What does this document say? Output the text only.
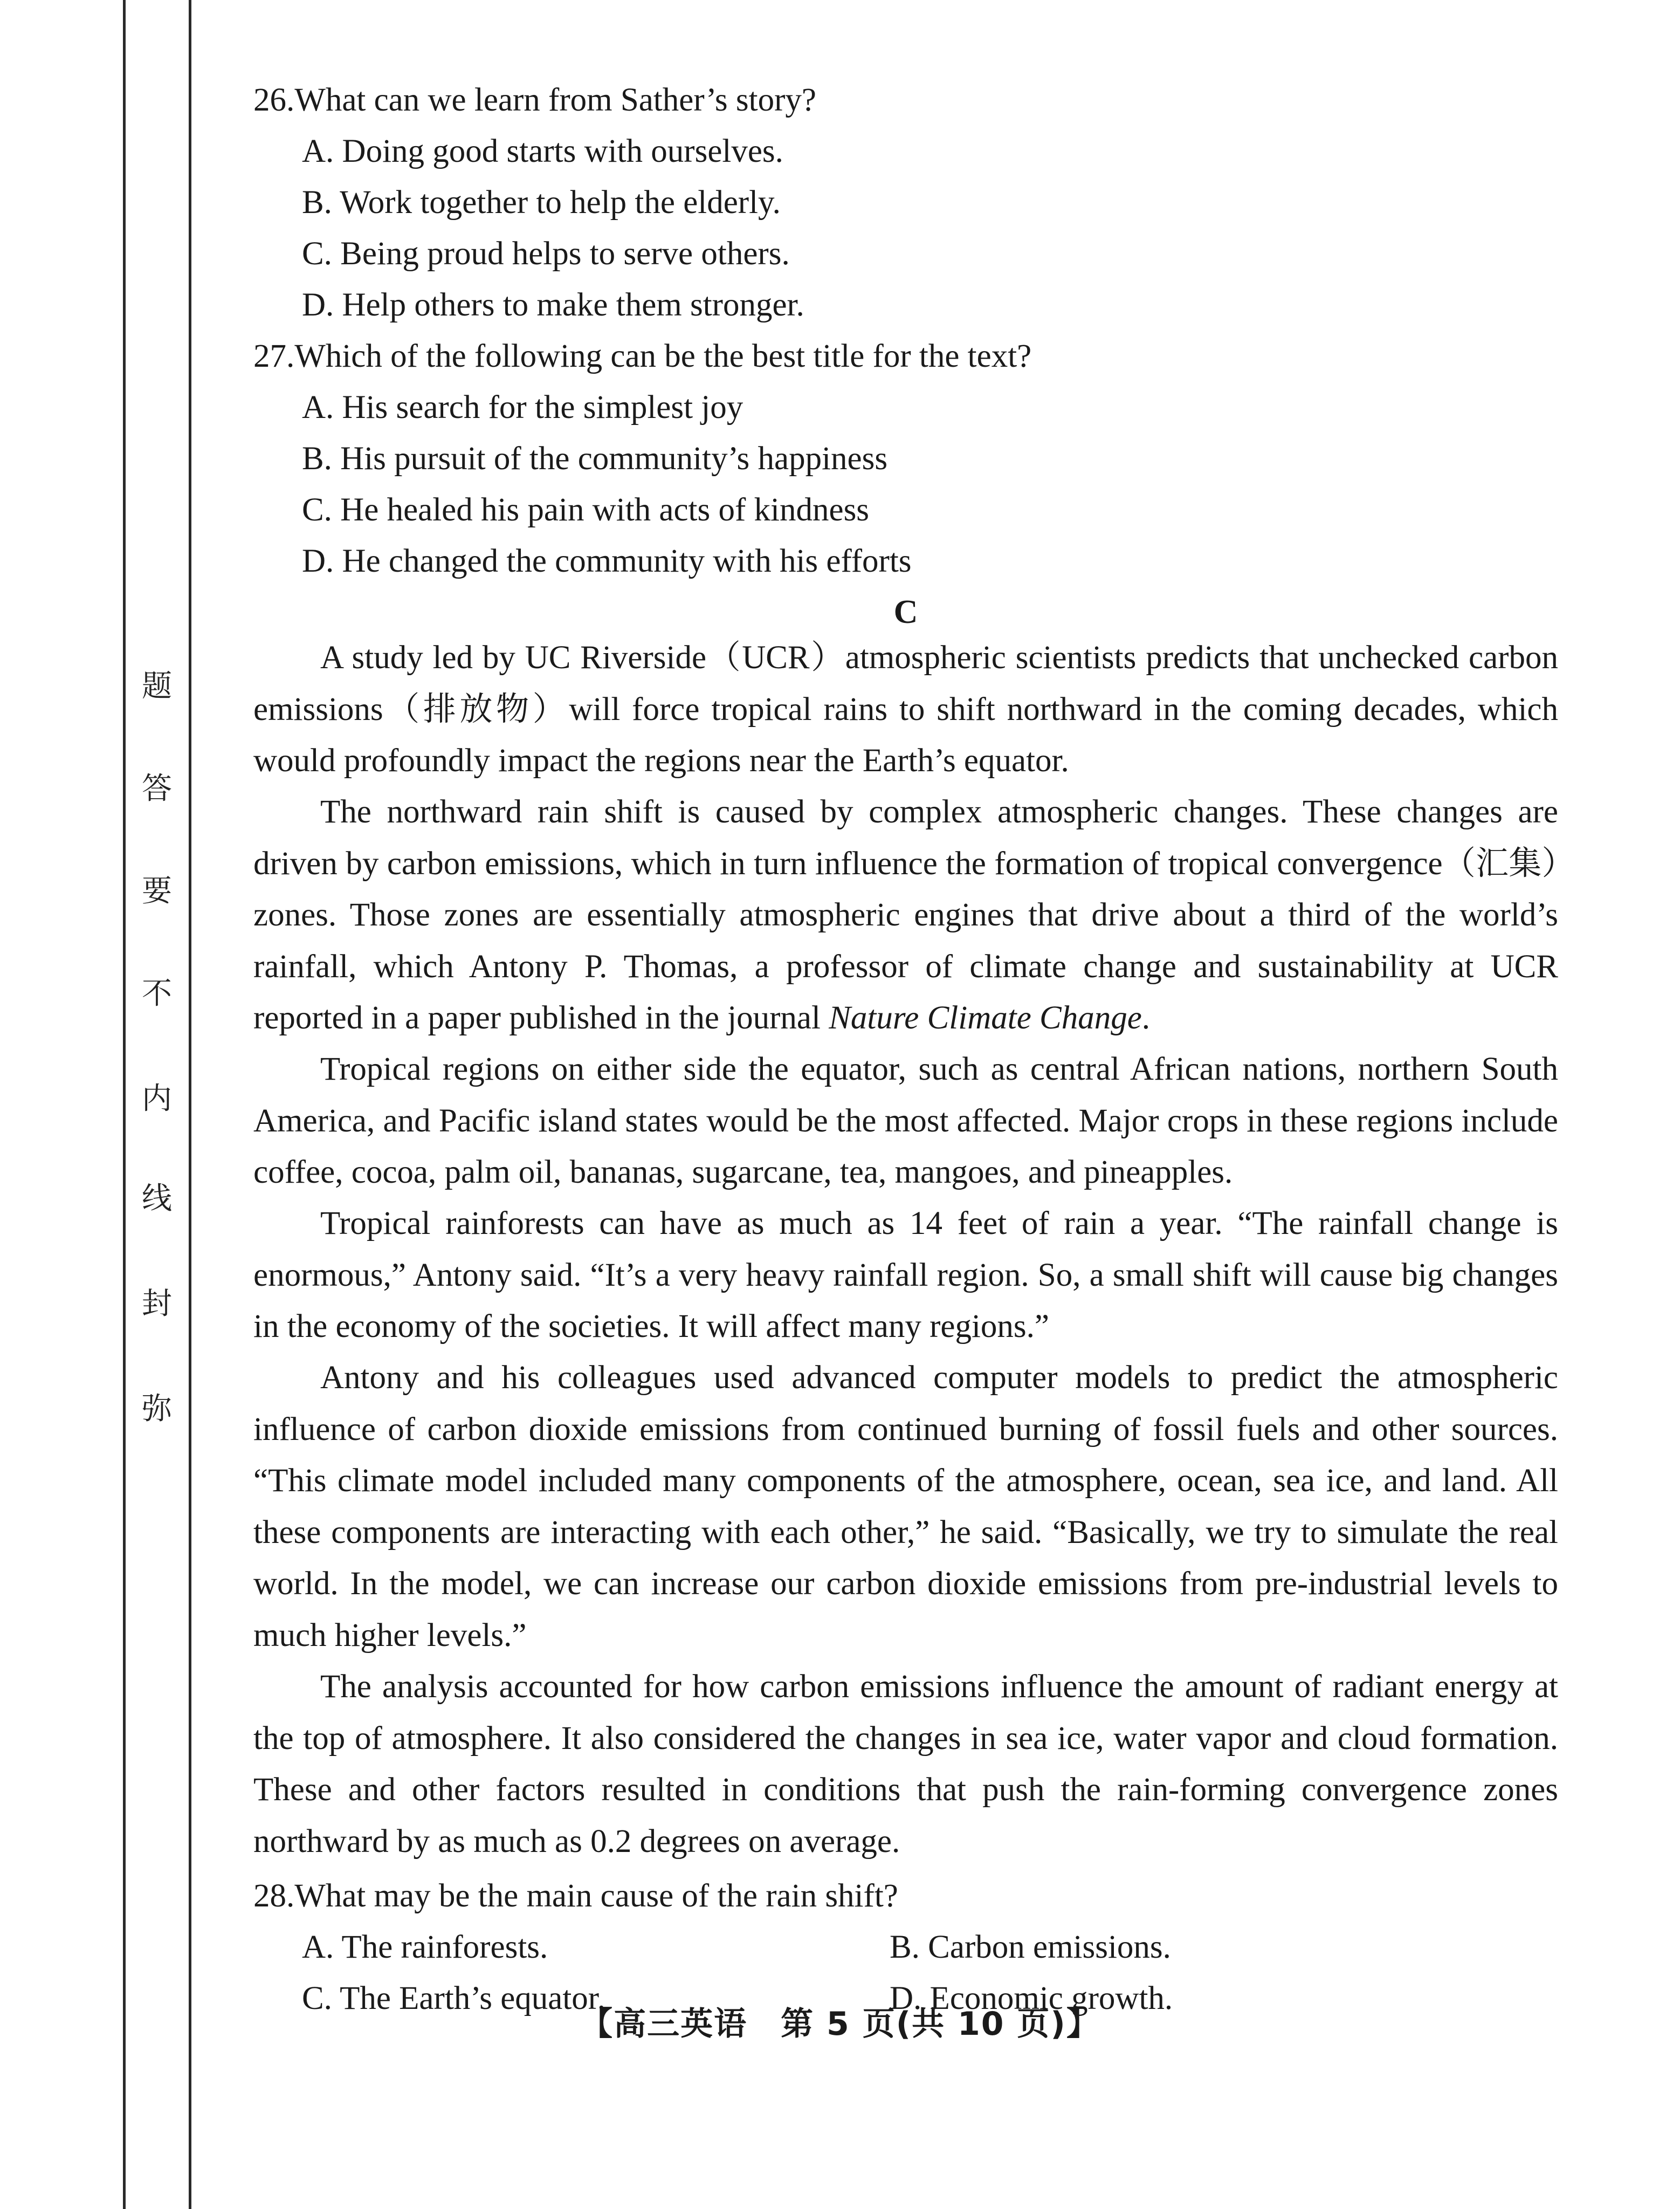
弥
封
线
内
不
要
答
题
26.What can we learn from Sather’s story?
A. Doing good starts with ourselves.
B. Work together to help the elderly.
C. Being proud helps to serve others.
D. Help others to make them stronger.
27.Which of the following can be the best title for the text?
A. His search for the simplest joy
B. His pursuit of the community’s happiness
C. He healed his pain with acts of kindness
D. He changed the community with his efforts
C
A study led by UC Riverside（UCR）atmospheric scientists predicts that unchecked carbon emissions（排放物）will force tropical rains to shift northward in the coming decades, which would profoundly impact the regions near the Earth’s equator.
The northward rain shift is caused by complex atmospheric changes. These changes are driven by carbon emissions, which in turn influence the formation of tropical convergence（汇集）zones. Those zones are essentially atmospheric engines that drive about a third of the world’s rainfall, which Antony P. Thomas, a professor of climate change and sustainability at UCR reported in a paper published in the journal Nature Climate Change.
Tropical regions on either side the equator, such as central African nations, northern South America, and Pacific island states would be the most affected. Major crops in these regions include coffee, cocoa, palm oil, bananas, sugarcane, tea, mangoes, and pineapples.
Tropical rainforests can have as much as 14 feet of rain a year. “The rainfall change is enormous,” Antony said. “It’s a very heavy rainfall region. So, a small shift will cause big changes in the economy of the societies. It will affect many regions.”
Antony and his colleagues used advanced computer models to predict the atmospheric influence of carbon dioxide emissions from continued burning of fossil fuels and other sources. “This climate model included many components of the atmosphere, ocean, sea ice, and land. All these components are interacting with each other,” he said. “Basically, we try to simulate the real world. In the model, we can increase our carbon dioxide emissions from pre-industrial levels to much higher levels.”
The analysis accounted for how carbon emissions influence the amount of radiant energy at the top of atmosphere. It also considered the changes in sea ice, water vapor and cloud formation. These and other factors resulted in conditions that push the rain-forming convergence zones northward by as much as 0.2 degrees on average.
28.What may be the main cause of the rain shift?
A. The rainforests.	B. Carbon emissions.
C. The Earth’s equator.	D. Economic growth.
【高三英语　第 5 页(共 10 页)】
